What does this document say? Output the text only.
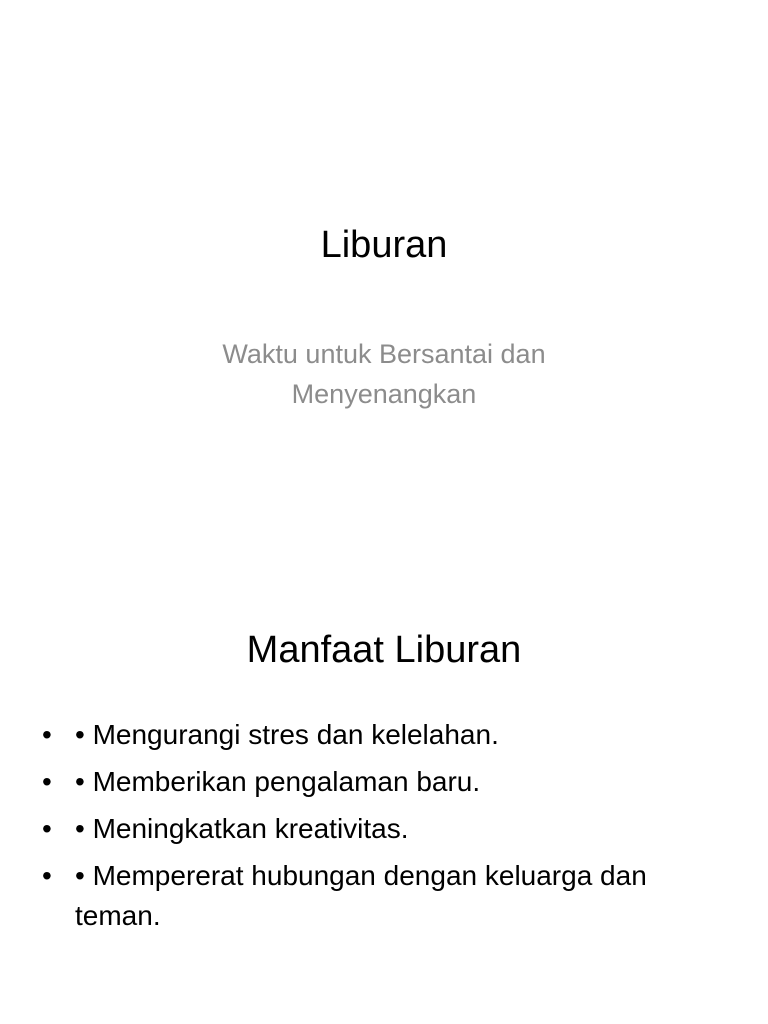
Liburan
Waktu untuk Bersantai dan Menyenangkan
Manfaat Liburan
• • Mengurangi stres dan kelelahan.
• • Memberikan pengalaman baru.
• • Meningkatkan kreativitas.
• • Mempererat hubungan dengan keluarga dan teman.
